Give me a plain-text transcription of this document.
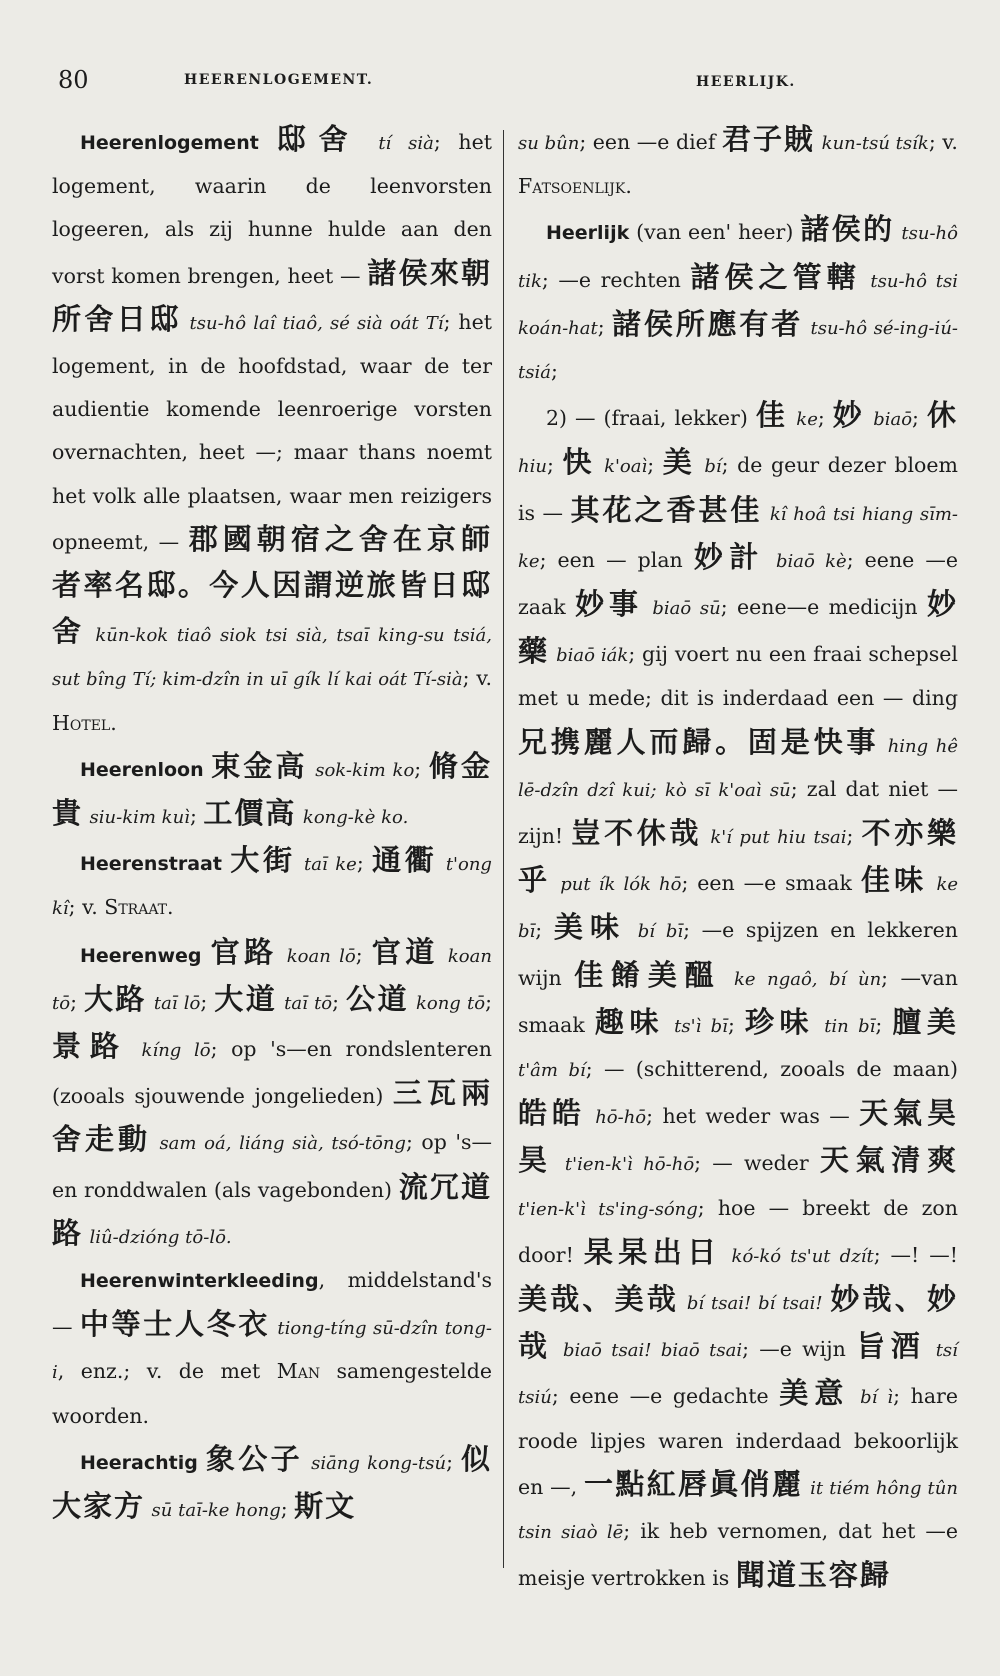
80	HEERENLOGEMENT.	HEERLIJK.

Heerenlogement 邸舍 tí sià; het logement, waarin de leenvorsten logeeren, als zij hunne hulde aan den vorst komen brengen, heet — 諸侯來朝所舍日邸 tsu-hô laî tiaô, sé sià oát Tí; het logement, in de hoofdstad, waar de ter audientie komende leenroerige vorsten overnachten, heet —; maar thans noemt het volk alle plaatsen, waar men reizigers opneemt, — 郡國朝宿之舍在京師者率名邸。今人因謂逆旅皆日邸舍 kūn-kok tiaô siok tsi sià, tsaī king-su tsiá, sut bîng Tí; kim-dzîn in uī gík lí kai oát Tí-sià; v. Hotel.

Heerenloon 束金高 sok-kim ko; 脩金貴 siu-kim kuì; 工價高 kong-kè ko.

Heerenstraat 大街 taī ke; 通衢 t'ong kî; v. Straat.

Heerenweg 官路 koan lō; 官道 koan tō; 大路 taī lō; 大道 taī tō; 公道 kong tō; 景路 kíng lō; op 's—en rondslenteren (zooals sjouwende jongelieden) 三瓦兩舍走動 sam oá, liáng sià, tsó-tōng; op 's—en ronddwalen (als vagebonden) 流冗道路 liû-dzióng tō-lō.

Heerenwinterkleeding, middelstand's — 中等士人冬衣 tiong-tíng sū-dzîn tong-i, enz.; v. de met Man samengestelde woorden.

Heerachtig 象公子 siāng kong-tsú; 似大家方 sū taī-ke hong; 斯文

su bûn; een —e dief 君子賊 kun-tsú tsík; v. Fatsoenlijk.

Heerlijk (van een' heer) 諸侯的 tsu-hô tik; —e rechten 諸侯之管轄 tsu-hô tsi koán-hat; 諸侯所應有者 tsu-hô sé-ing-iú-tsiá;

2) — (fraai, lekker) 佳 ke; 妙 biaō; 休 hiu; 快 k'oaì; 美 bí; de geur dezer bloem is — 其花之香甚佳 kî hoâ tsi hiang sīm-ke; een — plan 妙計 biaō kè; eene —e zaak 妙事 biaō sū; eene—e medicijn 妙藥 biaō iák; gij voert nu een fraai schepsel met u mede; dit is inderdaad een — ding 兄携麗人而歸。固是快事 hing hê lē-dzîn dzî kui; kò sī k'oaì sū; zal dat niet — zijn! 豈不休哉 k'í put hiu tsai; 不亦樂乎 put ík lók hō; een —e smaak 佳味 ke bī; 美味 bí bī; —e spijzen en lekkeren wijn 佳餚美醞 ke ngaô, bí ùn; —van smaak 趣味 ts'ì bī; 珍味 tin bī; 膻美 t'âm bí; — (schitterend, zooals de maan) 皓皓 hō-hō; het weder was — 天氣昊昊 t'ien-k'ì hō-hō; — weder 天氣清爽 t'ien-k'ì ts'ing-sóng; hoe — breekt de zon door! 杲杲出日 kó-kó ts'ut dzít; —! —! 美哉、美哉 bí tsai! bí tsai! 妙哉、妙哉 biaō tsai! biaō tsai; —e wijn 旨酒 tsí tsiú; eene —e gedachte 美意 bí ì; hare roode lipjes waren inderdaad bekoorlijk en —, 一點紅唇眞俏麗 it tiém hông tûn tsin siaò lē; ik heb vernomen, dat het —e meisje vertrokken is 聞道玉容歸
